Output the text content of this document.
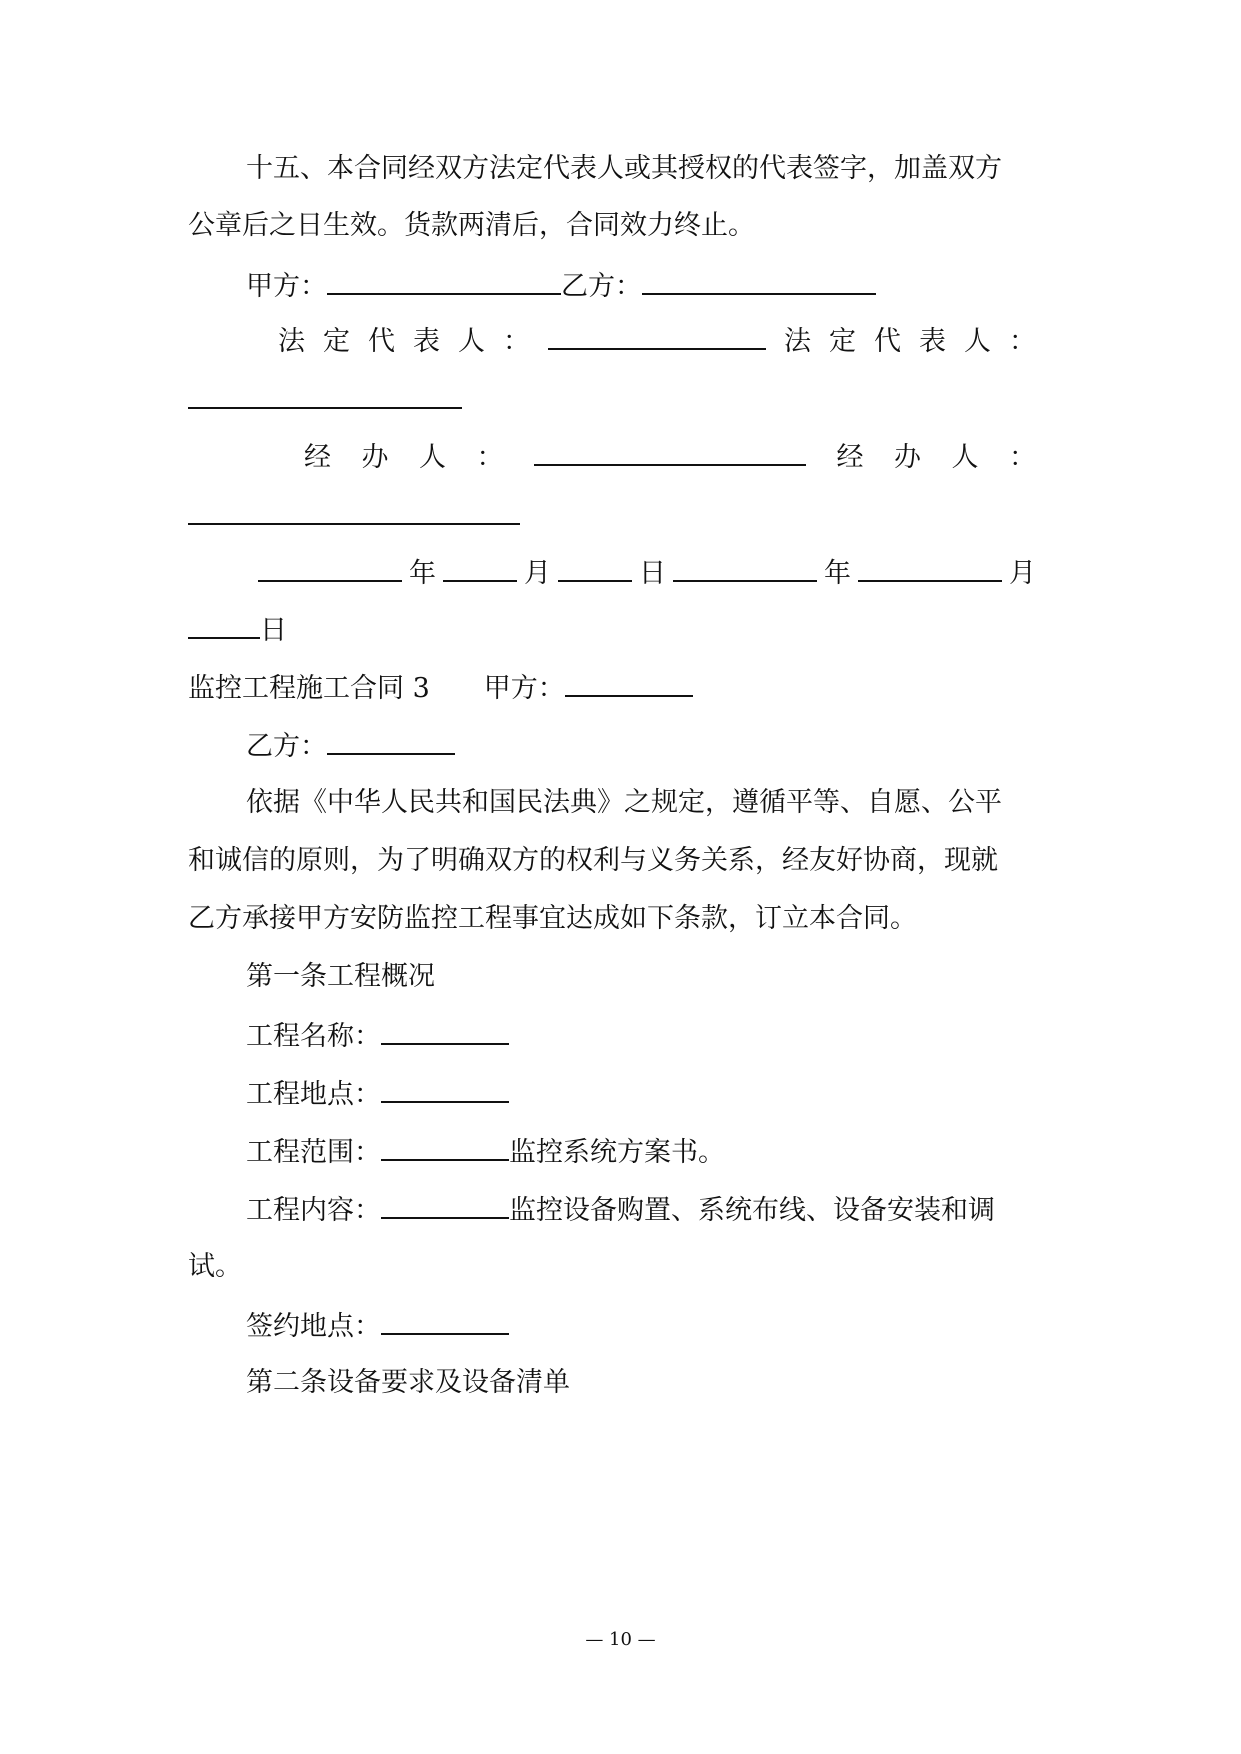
十五、本合同经双方法定代表人或其授权的代表签字，加盖双方
公章后之日生效。货款两清后，合同效力终止。
甲方：	乙方：
法 定 代 表 人 ：	法 定 代 表 人 ：
经 办 人 ：	经 办 人 ：
年	月	日	年	月
日
监控工程施工合同 3 甲方：
乙方：
依据《中华人民共和国民法典》之规定，遵循平等、自愿、公平
和诚信的原则，为了明确双方的权利与义务关系，经友好协商，现就
乙方承接甲方安防监控工程事宜达成如下条款，订立本合同。
第一条工程概况
工程名称：
工程地点：
工程范围：	监控系统方案书。
工程内容：	监控设备购置、系统布线、设备安装和调
试。
签约地点：
第二条设备要求及设备清单
— 10 —
